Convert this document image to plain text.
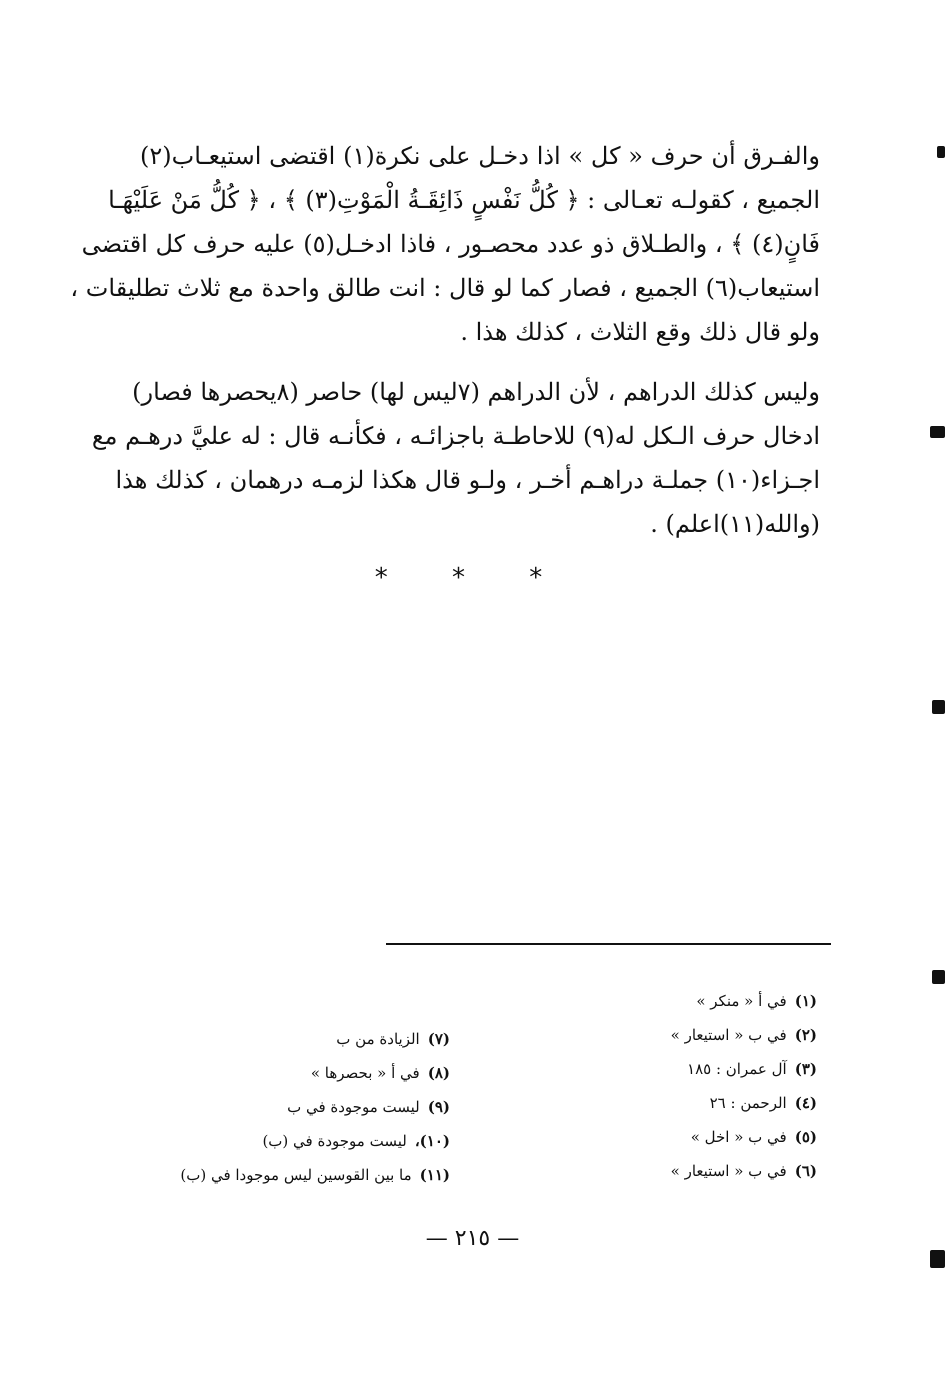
والفـرق أن حرف « كل » اذا دخـل على نكرة(١) اقتضى استيعـاب(٢)
الجميع ، كقولـه تعـالى : ﴿ كُلُّ نَفْسٍ ذَائِقَـةُ الْمَوْتِ(٣) ﴾ ، ﴿ كُلُّ مَنْ عَلَيْهَـا
فَانٍ(٤) ﴾ ، والطـلاق ذو عدد محصـور ، فاذا ادخـل(٥) عليه حرف كل اقتضى
استيعاب(٦) الجميع ، فصار كما لو قال : انت طالق واحدة مع ثلاث تطليقات ،
ولو قال ذلك وقع الثلاث ، كذلك هذا .
وليس كذلك الدراهم ، لأن الدراهم (٧ليس لها) حاصر (٨يحصرها فصار)
ادخال حرف الـكل له(٩) للاحاطـة باجزائـه ، فكأنـه قال : له عليَّ درهـم مع
اجـزاء(١٠) جملـة دراهـم أخـر ، ولـو قال هكذا لزمـه درهمان ، كذلك هذا
(والله(١١)اعلم) .
* * *
(١)في أ « منكر »
(٢)في ب « استيعار »
(٣)آل عمران : ١٨٥
(٤)الرحمن : ٢٦
(٥)في ب « اخل »
(٦)في ب « استيعار »
(٧)الزيادة من ب
(٨)في أ « بحصرها »
(٩)ليست موجودة في ب
(١٠)،ليست موجودة في (ب)
(١١)ما بين القوسين ليس موجودا في (ب)
— ٢١٥ —
